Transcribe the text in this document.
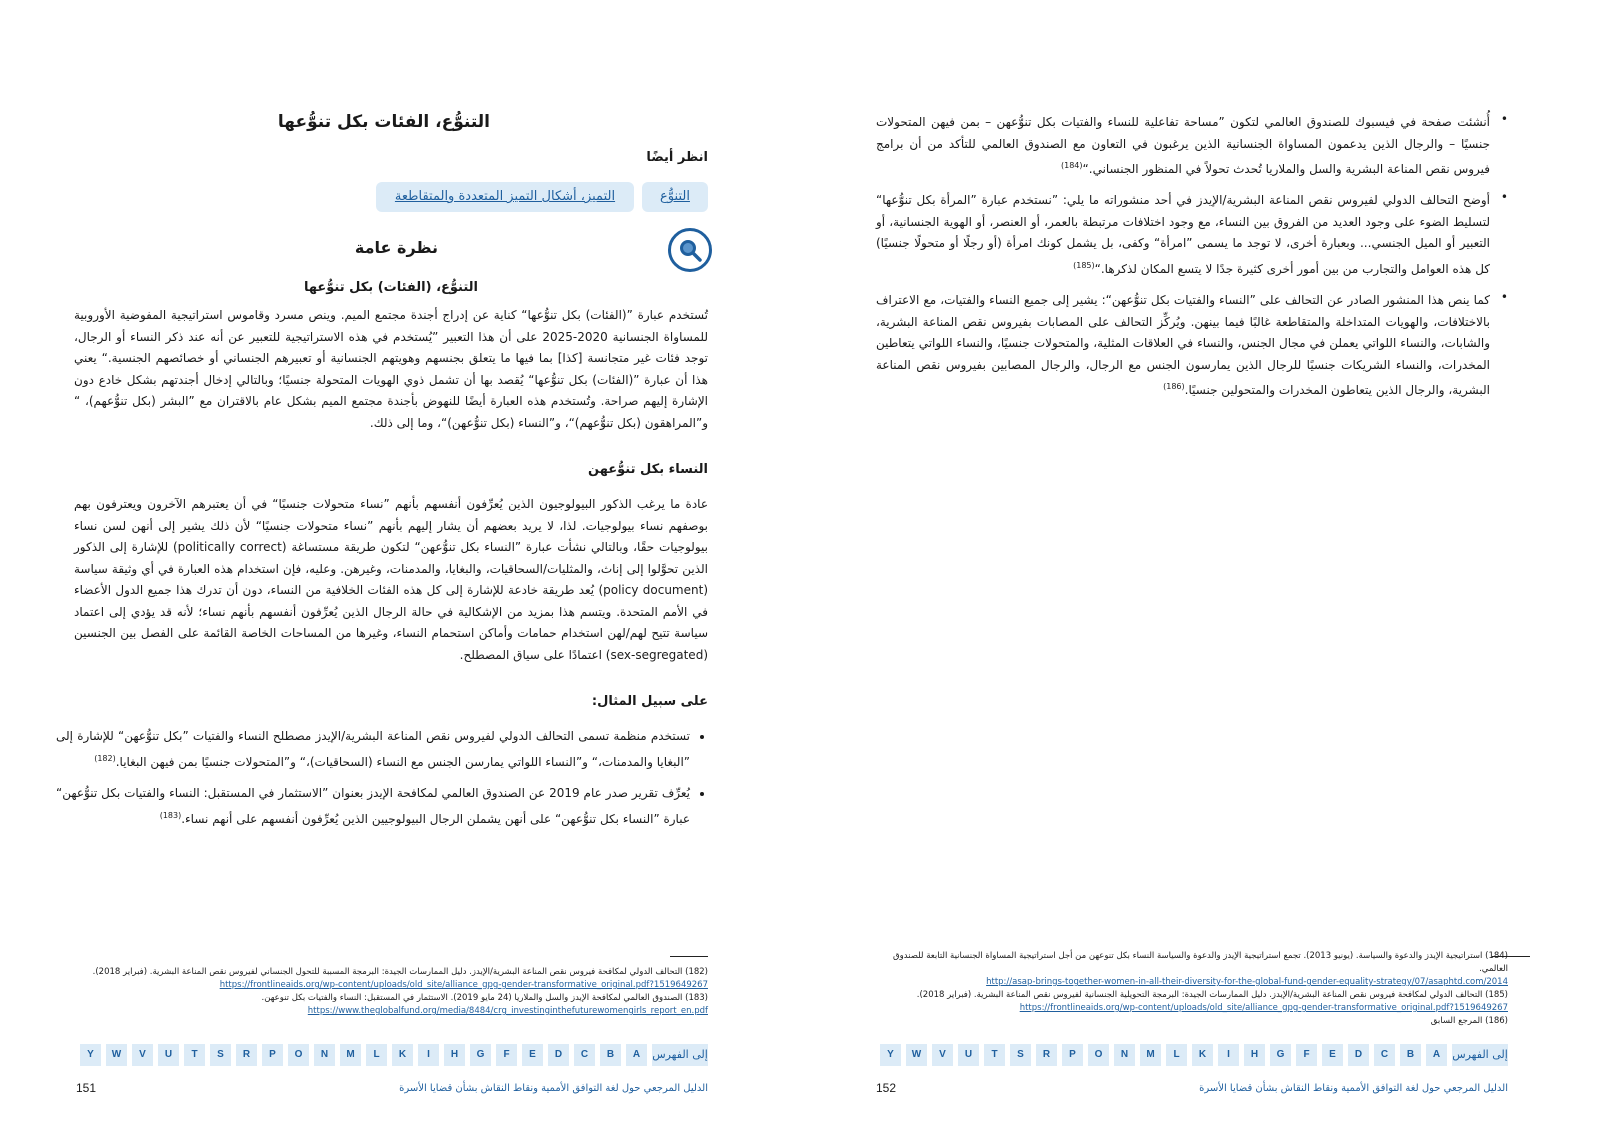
التنوُّع، الفئات بكل تنوُّعها
انظر أيضًا
التنوُّع
التميز، أشكال التميز المتعددة والمتقاطعة
نظرة عامة
التنوُّع، (الفئات) بكل تنوُّعها

تُستخدم عبارة ”(الفئات) بكل تنوُّعها“ كناية عن إدراج أجندة مجتمع الميم. وينص مسرد وقاموس استراتيجية المفوضية الأوروبية للمساواة الجنسانية 2020-2025 على أن هذا التعبير ”يُستخدم في هذه الاستراتيجية للتعبير عن أنه عند ذكر النساء أو الرجال، توجد فئات غير متجانسة [كذا] بما فيها ما يتعلق بجنسهم وهويتهم الجنسانية أو تعبيرهم الجنساني أو خصائصهم الجنسية.“ يعني هذا أن عبارة ”(الفئات) بكل تنوُّعها“ يُقصد بها أن تشمل ذوي الهويات المتحولة جنسيًا؛ وبالتالي إدخال أجندتهم بشكل خادع دون الإشارة إليهم صراحة. وتُستخدم هذه العبارة أيضًا للنهوض بأجندة مجتمع الميم بشكل عام بالاقتران مع ”البشر (بكل تنوُّعهم)، “ و”المراهقون (بكل تنوُّعهم)“، و”النساء (بكل تنوُّعهن)“، وما إلى ذلك.

النساء بكل تنوُّعهن

عادة ما يرغب الذكور البيولوجيون الذين يُعرِّفون أنفسهم بأنهم ”نساء متحولات جنسيًا“ في أن يعتبرهم الآخرون ويعترفون بهم بوصفهم نساء بيولوجيات. لذا، لا يريد بعضهم أن يشار إليهم بأنهم ”نساء متحولات جنسيًا“ لأن ذلك يشير إلى أنهن لسن نساء بيولوجيات حقًا، وبالتالي نشأت عبارة ”النساء بكل تنوُّعهن“ لتكون طريقة مستساغة (politically correct) للإشارة إلى الذكور الذين تحوَّلوا إلى إناث، والمثليات/السحاقيات، والبغايا، والمدمنات، وغيرهن. وعليه، فإن استخدام هذه العبارة في أي وثيقة سياسة (policy document) يُعد طريقة خادعة للإشارة إلى كل هذه الفئات الخلافية من النساء، دون أن تدرك هذا جميع الدول الأعضاء في الأمم المتحدة. ويتسم هذا بمزيد من الإشكالية في حالة الرجال الذين يُعرِّفون أنفسهم بأنهم نساء؛ لأنه قد يؤدي إلى اعتماد سياسة تتيح لهم/لهن استخدام حمامات وأماكن استحمام النساء، وغيرها من المساحات الخاصة القائمة على الفصل بين الجنسين (sex-segregated) اعتمادًا على سياق المصطلح.

على سبيل المثال:
• تستخدم منظمة تسمى التحالف الدولي لفيروس نقص المناعة البشرية/الإيدز مصطلح النساء والفتيات ”بكل تنوُّعهن“ للإشارة إلى ”البغايا والمدمنات،“ و”النساء اللواتي يمارسن الجنس مع النساء (السحاقيات)،“ و”المتحولات جنسيًا بمن فيهن البغايا.$^{(182)}$
• يُعرِّف تقرير صدر عام 2019 عن الصندوق العالمي لمكافحة الإيدز بعنوان ”الاستثمار في المستقبل: النساء والفتيات بكل تنوُّعهن“ عبارة ”النساء بكل تنوُّعهن“ على أنهن يشملن الرجال البيولوجيين الذين يُعرِّفون أنفسهم على أنهم نساء.$^{(183)}$

(182) التحالف الدولي لمكافحة فيروس نقص المناعة البشرية/الإيدز. دليل الممارسات الجيدة: البرمجة المسببة للتحول الجنساني لفيروس نقص المناعة البشرية. (فبراير 2018).

https://frontlineaids.org/wp-content/uploads/old_site/alliance_gpg-gender-transformative_original.pdf?1519649267

(183) الصندوق العالمي لمكافحة الإيدز والسل والملاريا (24 مايو 2019). الاستثمار في المستقبل: النساء والفتيات بكل تنوعهن.

https://www.theglobalfund.org/media/8484/crg_investinginthefuturewomengirls_report_en.pdf

إلى الفهرس
A
B
C
D
E
F
G
H
I
K
L
M
N
O
P
R
S
T
U
V
W
Y
الدليل المرجعي حول لغة التوافق الأممية ونقاط النقاش بشأن قضايا الأسرة
151
•

أُنشئت صفحة في فيسبوك للصندوق العالمي لتكون ”مساحة تفاعلية للنساء والفتيات بكل تنوُّعهن – بمن فيهن المتحولات جنسيًا – والرجال الذين يدعمون المساواة الجنسانية الذين يرغبون في التعاون مع الصندوق العالمي للتأكد من أن برامج فيروس نقص المناعة البشرية والسل والملاريا تُحدث تحولاً في المنظور الجنساني.“$^{(184)}$

•

أوضح التحالف الدولي لفيروس نقص المناعة البشرية/الإيدز في أحد منشوراته ما يلي: ”نستخدم عبارة ”المرأة بكل تنوُّعها“ لتسليط الضوء على وجود العديد من الفروق بين النساء، مع وجود اختلافات مرتبطة بالعمر، أو العنصر، أو الهوية الجنسانية، أو التعبير أو الميل الجنسي... وبعبارة أخرى، لا توجد ما يسمى ”امرأة“ وكفى، بل يشمل كونك امرأة (أو رجلًا أو متحولًا جنسيًا) كل هذه العوامل والتجارب من بين أمور أخرى كثيرة جدًا لا يتسع المكان لذكرها.“$^{(185)}$

•

كما ينص هذا المنشور الصادر عن التحالف على ”النساء والفتيات بكل تنوُّعهن“: يشير إلى جميع النساء والفتيات، مع الاعتراف بالاختلافات، والهويات المتداخلة والمتقاطعة غالبًا فيما بينهن. ويُركِّز التحالف على المصابات بفيروس نقص المناعة البشرية، والشابات، والنساء اللواتي يعملن في مجال الجنس، والنساء في العلاقات المثلية، والمتحولات جنسيًا، والنساء اللواتي يتعاطين المخدرات، والنساء الشريكات جنسيًا للرجال الذين يمارسون الجنس مع الرجال، والرجال المصابين بفيروس نقص المناعة البشرية، والرجال الذين يتعاطون المخدرات والمتحولين جنسيًا.$^{(186)}$

(184) استراتيجية الإيدز والدعوة والسياسة. (يونيو 2013). تجمع استراتيجية الإيدز والدعوة والسياسة النساء بكل تنوعهن من أجل استراتيجية المساواة الجنسانية التابعة للصندوق العالمي.

http://asap-brings-together-women-in-all-their-diversity-for-the-global-fund-gender-equality-strategy/07/asaphtd.com/2014

(185) التحالف الدولي لمكافحة فيروس نقص المناعة البشرية/الإيدز. دليل الممارسات الجيدة: البرمجة التحويلية الجنسانية لفيروس نقص المناعة البشرية. (فبراير 2018).

https://frontlineaids.org/wp-content/uploads/old_site/alliance_gpg-gender-transformative_original.pdf?1519649267

(186) المرجع السابق

إلى الفهرس
A
B
C
D
E
F
G
H
I
K
L
M
N
O
P
R
S
T
U
V
W
Y
الدليل المرجعي حول لغة التوافق الأممية ونقاط النقاش بشأن قضايا الأسرة
152
